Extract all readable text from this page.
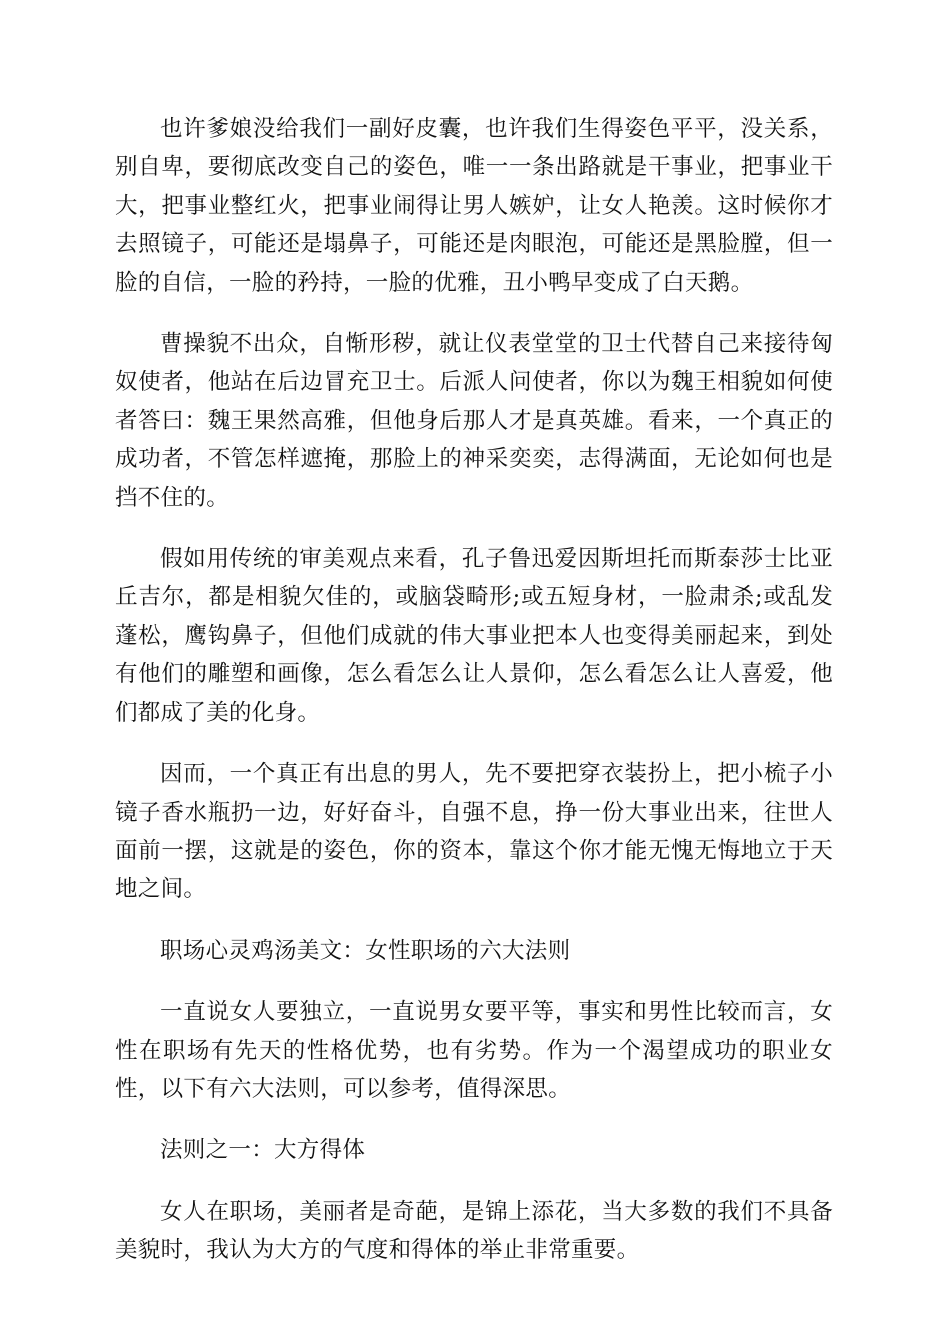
也许爹娘没给我们一副好皮囊，也许我们生得姿色平平，没关系，别自卑，要彻底改变自己的姿色，唯一一条出路就是干事业，把事业干大，把事业整红火，把事业闹得让男人嫉妒，让女人艳羡。这时候你才去照镜子，可能还是塌鼻子，可能还是肉眼泡，可能还是黑脸膛，但一脸的自信，一脸的矜持，一脸的优雅，丑小鸭早变成了白天鹅。

曹操貌不出众，自惭形秽，就让仪表堂堂的卫士代替自己来接待匈奴使者，他站在后边冒充卫士。后派人问使者，你以为魏王相貌如何使者答曰：魏王果然高雅，但他身后那人才是真英雄。看来，一个真正的成功者，不管怎样遮掩，那脸上的神采奕奕，志得满面，无论如何也是挡不住的。

假如用传统的审美观点来看，孔子鲁迅爱因斯坦托而斯泰莎士比亚丘吉尔，都是相貌欠佳的，或脑袋畸形;或五短身材，一脸肃杀;或乱发蓬松，鹰钩鼻子，但他们成就的伟大事业把本人也变得美丽起来，到处有他们的雕塑和画像，怎么看怎么让人景仰，怎么看怎么让人喜爱，他们都成了美的化身。

因而，一个真正有出息的男人，先不要把穿衣装扮上，把小梳子小镜子香水瓶扔一边，好好奋斗，自强不息，挣一份大事业出来，往世人面前一摆，这就是的姿色，你的资本，靠这个你才能无愧无悔地立于天地之间。

职场心灵鸡汤美文：女性职场的六大法则

一直说女人要独立，一直说男女要平等，事实和男性比较而言，女性在职场有先天的性格优势，也有劣势。作为一个渴望成功的职业女性，以下有六大法则，可以参考，值得深思。

法则之一：大方得体

女人在职场，美丽者是奇葩，是锦上添花，当大多数的我们不具备美貌时，我认为大方的气度和得体的举止非常重要。
